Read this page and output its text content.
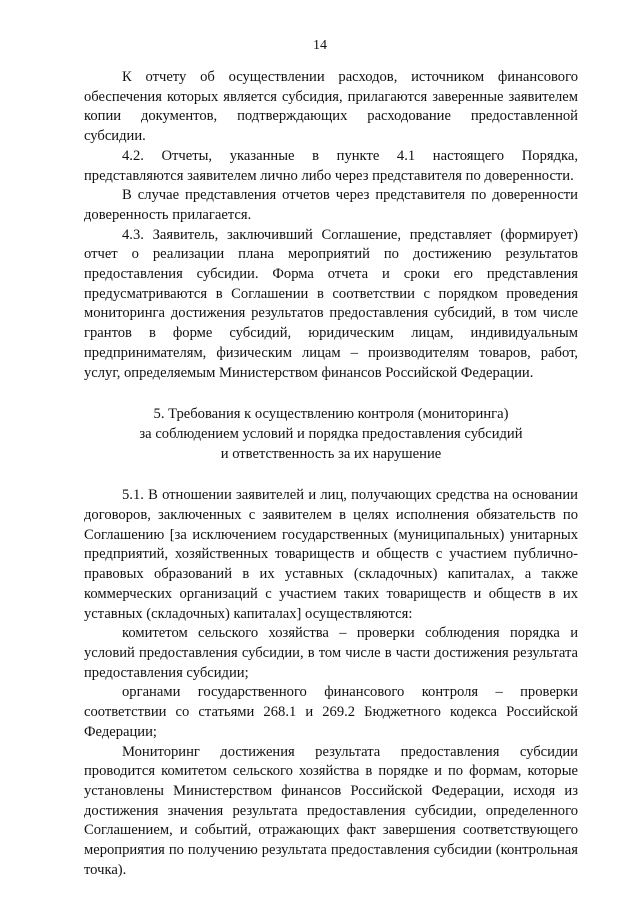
14

К отчету об осуществлении расходов, источником финансового обеспечения которых является субсидия, прилагаются заверенные заявителем копии документов, подтверждающих расходование предоставленной субсидии.

4.2. Отчеты, указанные в пункте 4.1 настоящего Порядка, представляются заявителем лично либо через представителя по доверенности.

В случае представления отчетов через представителя по доверенности доверенность прилагается.

4.3. Заявитель, заключивший Соглашение, представляет (формирует) отчет о реализации плана мероприятий по достижению результатов предоставления субсидии. Форма отчета и сроки его представления предусматриваются в Соглашении в соответствии с порядком проведения мониторинга достижения результатов предоставления субсидий, в том числе грантов в форме субсидий, юридическим лицам, индивидуальным предпринимателям, физическим лицам – производителям товаров, работ, услуг, определяемым Министерством финансов Российской Федерации.

5. Требования к осуществлению контроля (мониторинга)
за соблюдением условий и порядка предоставления субсидий
и ответственность за их нарушение

5.1. В отношении заявителей и лиц, получающих средства на основании договоров, заключенных с заявителем в целях исполнения обязательств по Соглашению [за исключением государственных (муниципальных) унитарных предприятий, хозяйственных товариществ и обществ с участием публично-правовых образований в их уставных (складочных) капиталах, а также коммерческих организаций с участием таких товариществ и обществ в их уставных (складочных) капиталах] осуществляются:

комитетом сельского хозяйства – проверки соблюдения порядка и условий предоставления субсидии, в том числе в части достижения результата предоставления субсидии;

органами государственного финансового контроля – проверки соответствии со статьями 268.1 и 269.2 Бюджетного кодекса Российской Федерации;

Мониторинг достижения результата предоставления субсидии проводится комитетом сельского хозяйства в порядке и по формам, которые установлены Министерством финансов Российской Федерации, исходя из достижения значения результата предоставления субсидии, определенного Соглашением, и событий, отражающих факт завершения соответствующего мероприятия по получению результата предоставления субсидии (контрольная точка).
